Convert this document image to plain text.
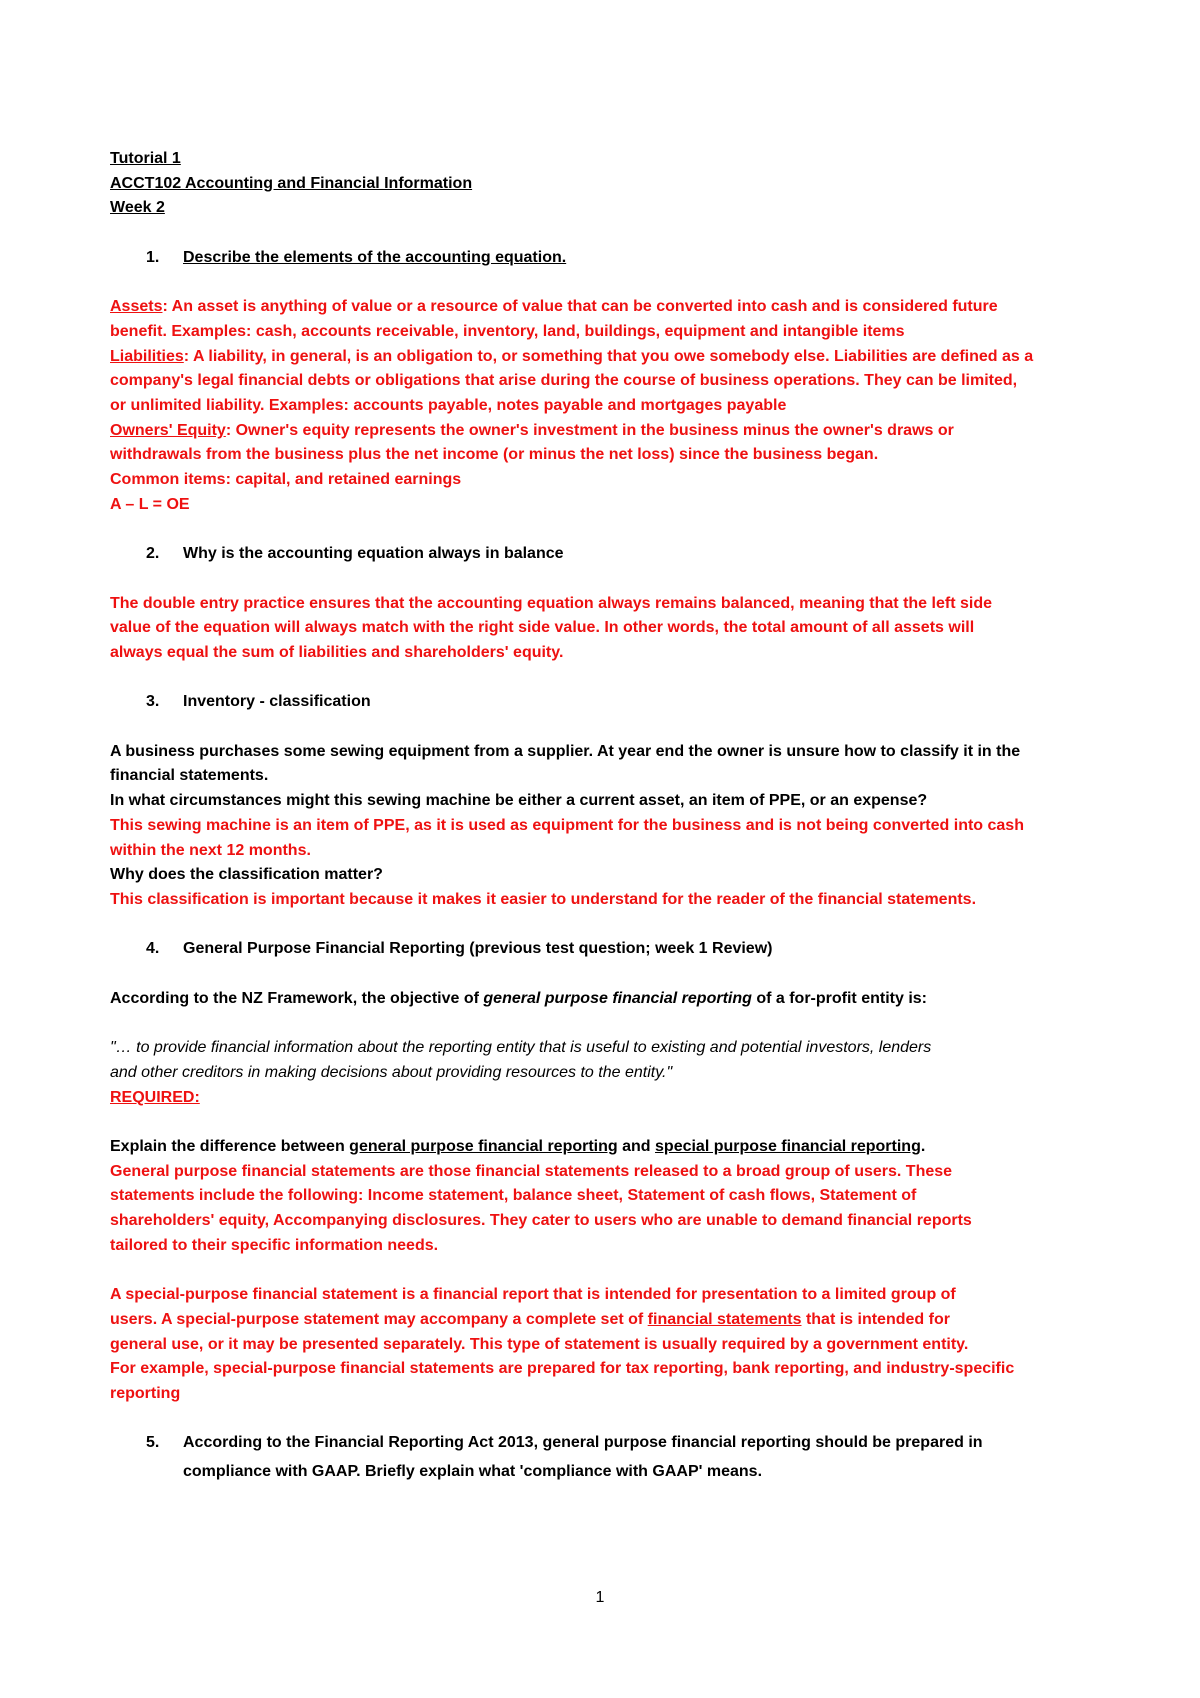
Tutorial 1
ACCT102 Accounting and Financial Information
Week 2
1. Describe the elements of the accounting equation.
Assets: An asset is anything of value or a resource of value that can be converted into cash and is considered future
benefit. Examples: cash, accounts receivable, inventory, land, buildings, equipment and intangible items
Liabilities: A liability, in general, is an obligation to, or something that you owe somebody else. Liabilities are defined as a
company's legal financial debts or obligations that arise during the course of business operations. They can be limited,
or unlimited liability. Examples: accounts payable, notes payable and mortgages payable
Owners' Equity: Owner's equity represents the owner's investment in the business minus the owner's draws or
withdrawals from the business plus the net income (or minus the net loss) since the business began.
Common items: capital, and retained earnings
A – L = OE
2. Why is the accounting equation always in balance
The double entry practice ensures that the accounting equation always remains balanced, meaning that the left side
value of the equation will always match with the right side value. In other words, the total amount of all assets will
always equal the sum of liabilities and shareholders' equity.
3. Inventory - classification
A business purchases some sewing equipment from a supplier. At year end the owner is unsure how to classify it in the
financial statements.
In what circumstances might this sewing machine be either a current asset, an item of PPE, or an expense?
This sewing machine is an item of PPE, as it is used as equipment for the business and is not being converted into cash
within the next 12 months.
Why does the classification matter?
This classification is important because it makes it easier to understand for the reader of the financial statements.
4. General Purpose Financial Reporting (previous test question; week 1 Review)
According to the NZ Framework, the objective of general purpose financial reporting of a for-profit entity is:
"… to provide financial information about the reporting entity that is useful to existing and potential investors, lenders
and other creditors in making decisions about providing resources to the entity."
REQUIRED:
Explain the difference between general purpose financial reporting and special purpose financial reporting.
General purpose financial statements are those financial statements released to a broad group of users. These
statements include the following: Income statement, balance sheet, Statement of cash flows, Statement of
shareholders' equity, Accompanying disclosures. They cater to users who are unable to demand financial reports
tailored to their specific information needs.
A special-purpose financial statement is a financial report that is intended for presentation to a limited group of
users. A special-purpose statement may accompany a complete set of financial statements that is intended for
general use, or it may be presented separately. This type of statement is usually required by a government entity.
For example, special-purpose financial statements are prepared for tax reporting, bank reporting, and industry-specific
reporting
5. According to the Financial Reporting Act 2013, general purpose financial reporting should be prepared in
compliance with GAAP. Briefly explain what 'compliance with GAAP' means.
1
